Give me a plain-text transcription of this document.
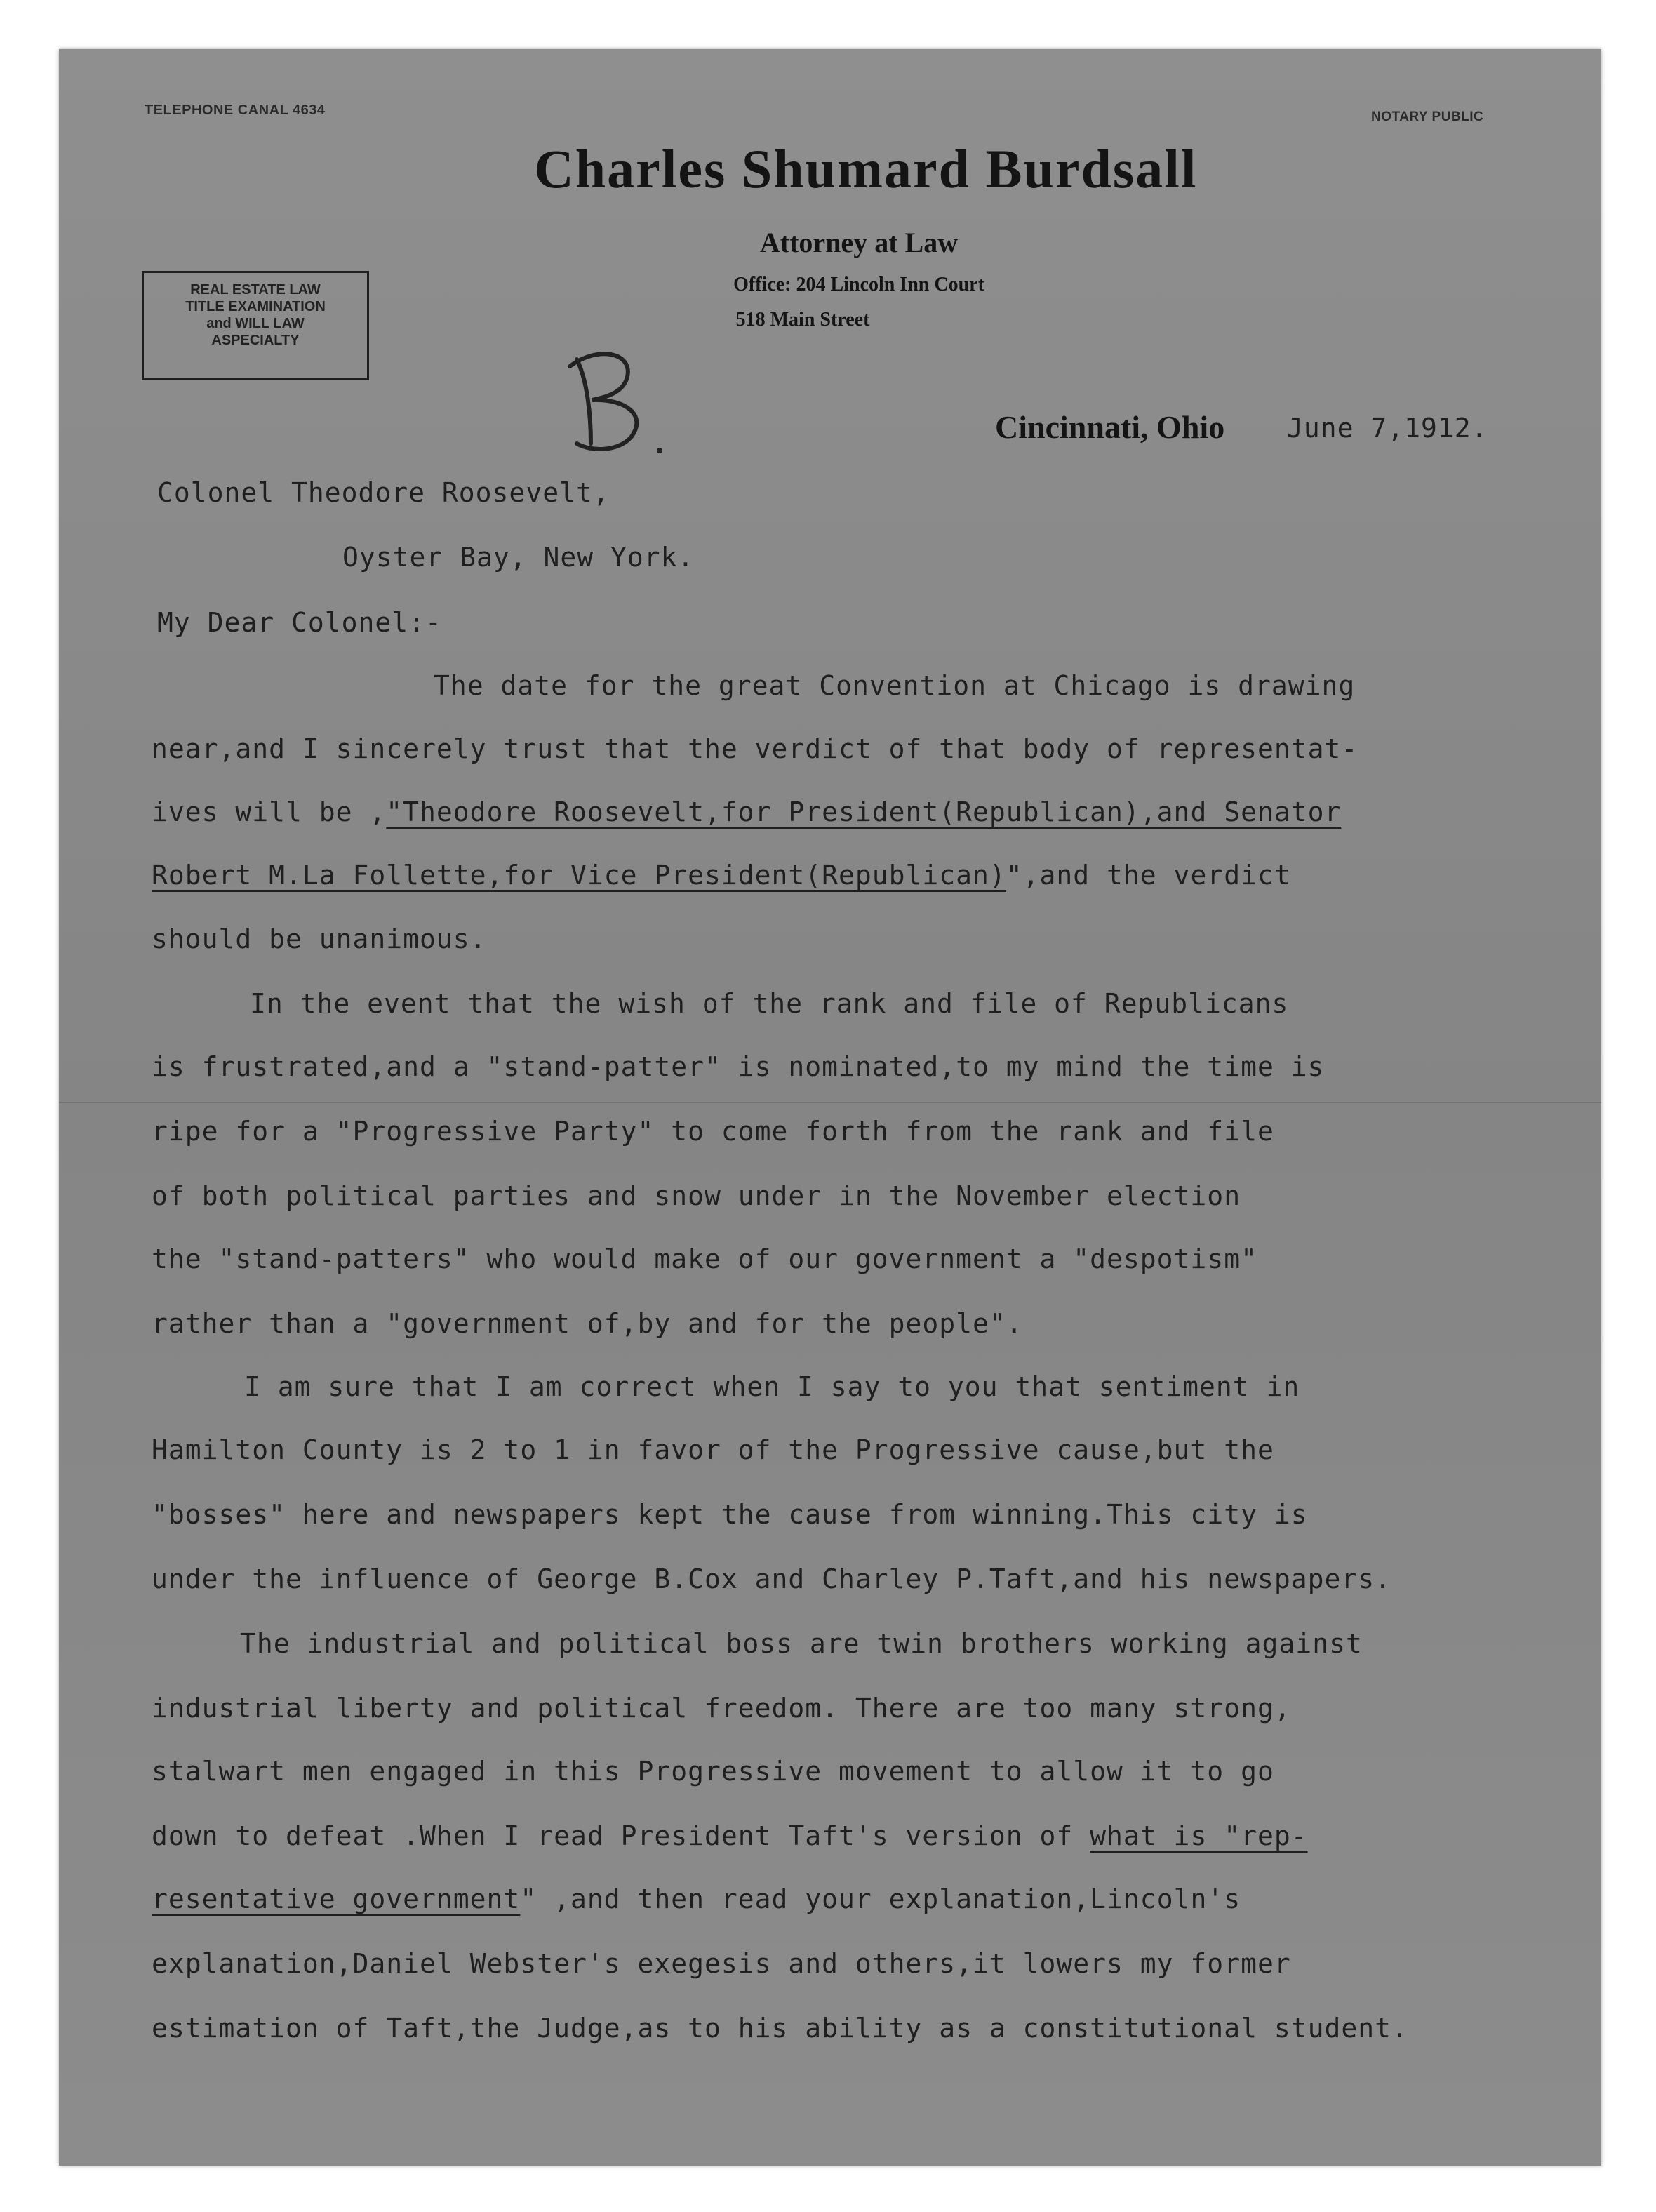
TELEPHONE CANAL 4634	NOTARY PUBLIC
Charles Shumard Burdsall
Attorney at Law
Office: 204 Lincoln Inn Court
518 Main Street
REAL ESTATE LAW
TITLE EXAMINATION
and WILL LAW
ASPECIALTY
Cincinnati, Ohio June 7,1912.
Colonel Theodore Roosevelt,
Oyster Bay, New York.
My Dear Colonel:-
The date for the great Convention at Chicago is drawing
near,and I sincerely trust that the verdict of that body of representat-
ives will be ,"Theodore Roosevelt,for President(Republican),and Senator
Robert M.La Follette,for Vice President(Republican)",and the verdict
should be unanimous.
In the event that the wish of the rank and file of Republicans
is frustrated,and a "stand-patter" is nominated,to my mind the time is
ripe for a "Progressive Party" to come forth from the rank and file
of both political parties and snow under in the November election
the "stand-patters" who would make of our government a "despotism"
rather than a "government of,by and for the people".
I am sure that I am correct when I say to you that sentiment in
Hamilton County is 2 to 1 in favor of the Progressive cause,but the
"bosses" here and newspapers kept the cause from winning.This city is
under the influence of George B.Cox and Charley P.Taft,and his newspapers.
The industrial and political boss are twin brothers working against
industrial liberty and political freedom. There are too many strong,
stalwart men engaged in this Progressive movement to allow it to go
down to defeat .When I read President Taft's version of what is "rep-
resentative government" ,and then read your explanation,Lincoln's
explanation,Daniel Webster's exegesis and others,it lowers my former
estimation of Taft,the Judge,as to his ability as a constitutional student.
